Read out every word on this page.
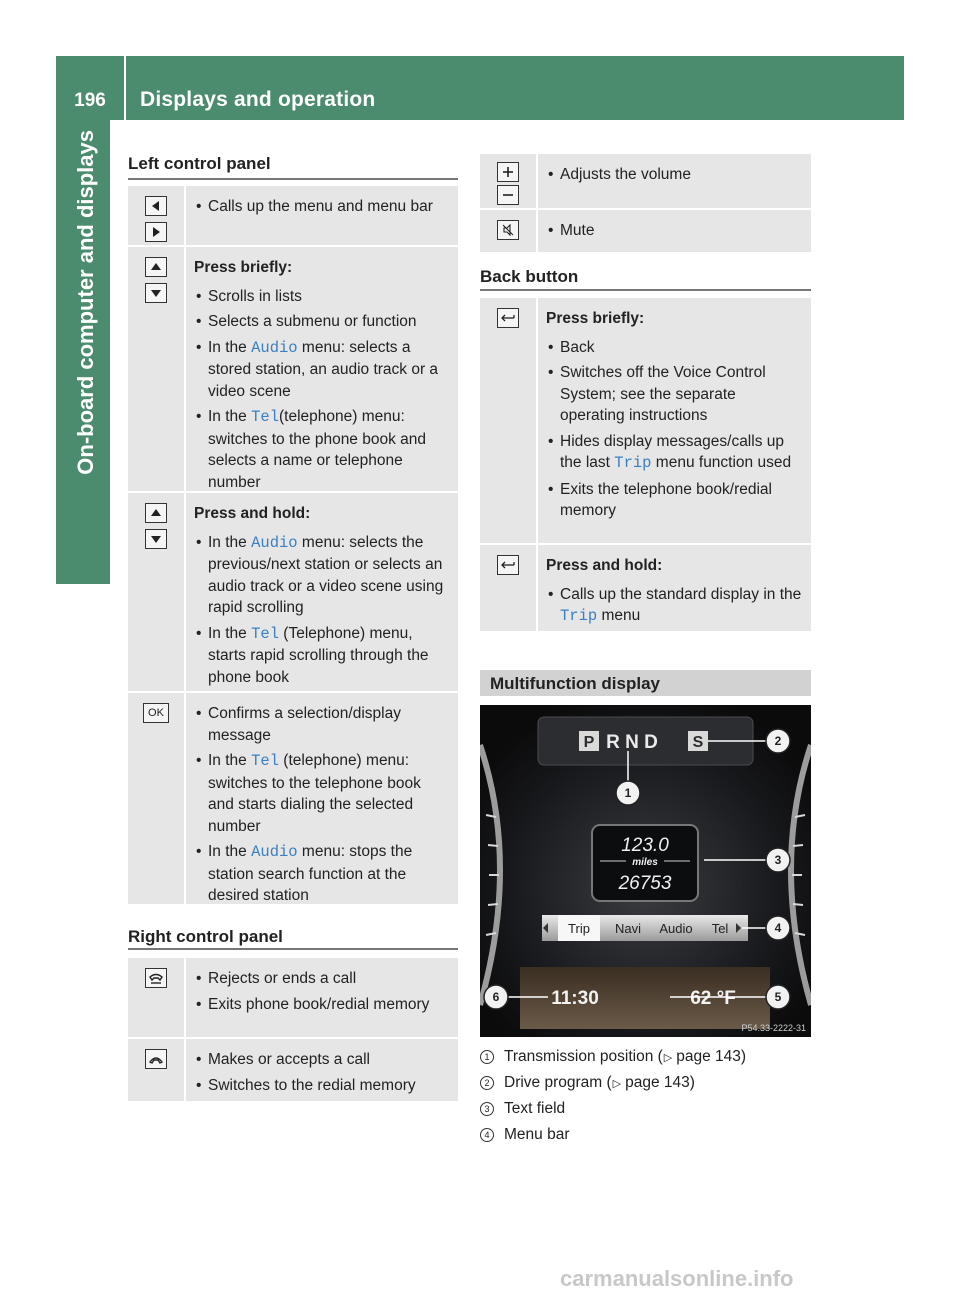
196	Displays and operation
On-board computer and displays	Left control panel
• Calls up the menu and menu bar
Press briefly:
• Scrolls in lists
• Selects a submenu or function
• In the Audio menu: selects a stored station, an audio track or a video scene
• In the Tel(telephone) menu: switches to the phone book and selects a name or telephone number
Press and hold:
• In the Audio menu: selects the previous/next station or selects an audio track or a video scene using rapid scrolling
• In the Tel (Telephone) menu, starts rapid scrolling through the phone book
OK
•	Confirms a selection/display message
• In the Tel (telephone) menu: switches to the telephone book and starts dialing the selected number
• In the Audio menu: stops the station search function at the desired station
Right control panel
• Rejects or ends a call
• Exits phone book/redial memory
• Makes or accepts a call
• Switches to the redial memory
• Adjusts the volume
• Mute
Back button
Press briefly:
• Back
• Switches off the Voice Control System; see the separate operating instructions
• Hides display messages/calls up the last Trip menu function used
• Exits the telephone book/redial memory
Press and hold:
• Calls up the standard display in the Trip menu
Multifunction display
P R N D S
123.0
miles
26753
Trip Navi Audio Tel
11:30	62 °F
P54.33-2222-31
1
2
3
4
5
6
1 Transmission position ( ▷ page 143)
2 Drive program ( ▷ page 143)
3 Text field
4 Menu bar
carmanualsonline.info
